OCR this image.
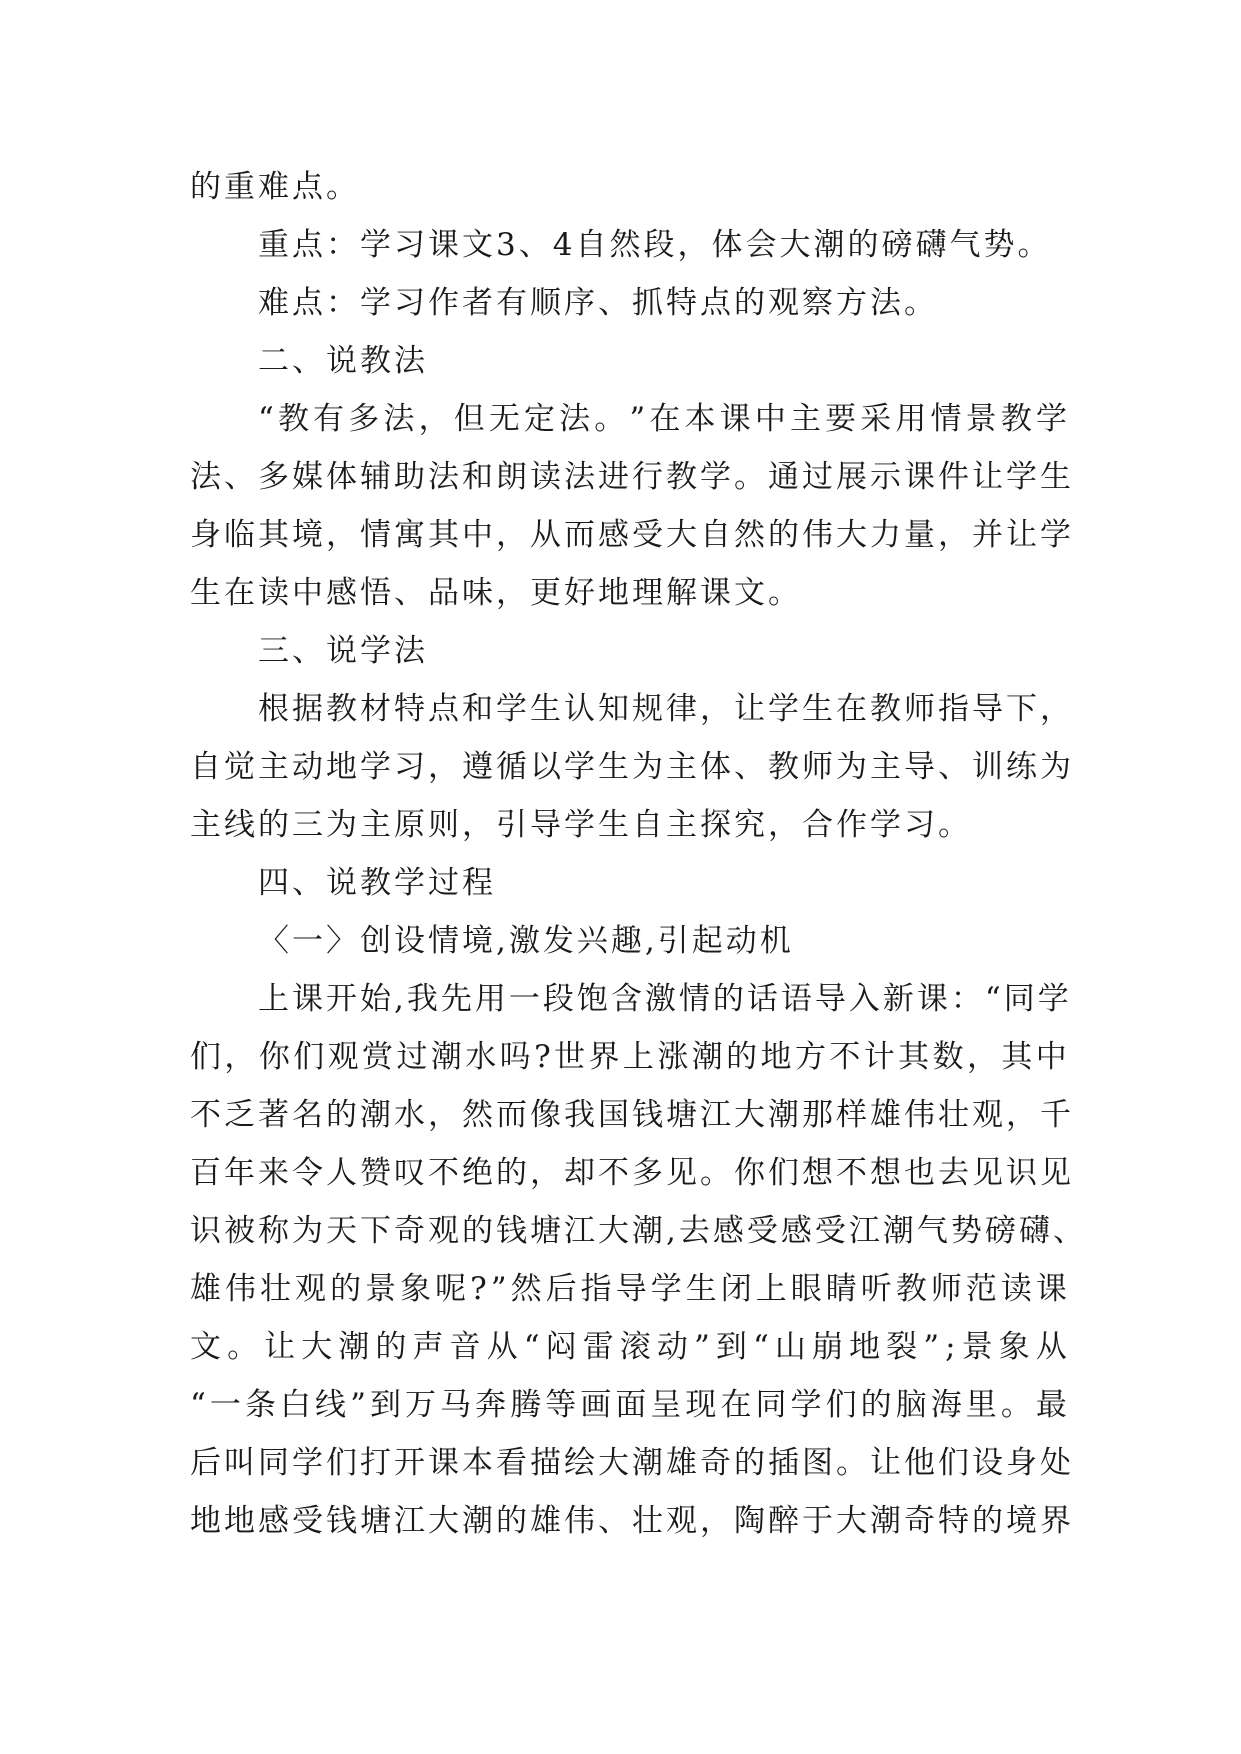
的重难点。
重点：学习课文3、4自然段，体会大潮的磅礴气势。
难点：学习作者有顺序、抓特点的观察方法。
二、说教法
“ 教 有 多 法 ， 但 无 定 法 。 ” 在 本 课 中 主 要 采 用 情 景 教 学
法 、 多 媒 体 辅 助 法 和 朗 读 法 进 行 教 学 。 通 过 展 示 课 件 让 学 生
身 临 其 境 ， 情 寓 其 中 ， 从 而 感 受 大 自 然 的 伟 大 力 量 ， 并 让 学
生在读中感悟、品味，更好地理解课文。
三、说学法
根 据 教 材 特 点 和 学 生 认 知 规 律 ， 让 学 生 在 教 师 指 导 下 ，
自 觉 主 动 地 学 习 ， 遵 循 以 学 生 为 主 体 、 教 师 为 主 导 、 训 练 为
主线的三为主原则，引导学生自主探究，合作学习。
四、说教学过程
〈一〉创设情境,激发兴趣,引起动机
上 课 开 始 , 我 先 用 一 段 饱 含 激 情 的 话 语 导 入 新 课 ： “ 同 学
们 ， 你 们 观 赏 过 潮 水 吗 ? 世 界 上 涨 潮 的 地 方 不 计 其 数 ， 其 中
不 乏 著 名 的 潮 水 ， 然 而 像 我 国 钱 塘 江 大 潮 那 样 雄 伟 壮 观 ， 千
百 年 来 令 人 赞 叹 不 绝 的 ， 却 不 多 见 。 你 们 想 不 想 也 去 见 识 见
识 被 称 为 天 下 奇 观 的 钱 塘 江 大 潮 , 去 感 受 感 受 江 潮 气 势 磅 礴 、
雄 伟 壮 观 的 景 象 呢 ? ” 然 后 指 导 学 生 闭 上 眼 睛 听 教 师 范 读 课
文 。 让 大 潮 的 声 音 从 “ 闷 雷 滚 动 ” 到 “ 山 崩 地 裂 ” ; 景 象 从
“ 一 条 白 线 ” 到 万 马 奔 腾 等 画 面 呈 现 在 同 学 们 的 脑 海 里 。 最
后 叫 同 学 们 打 开 课 本 看 描 绘 大 潮 雄 奇 的 插 图 。 让 他 们 设 身 处
地 地 感 受 钱 塘 江 大 潮 的 雄 伟 、 壮 观 ， 陶 醉 于 大 潮 奇 特 的 境 界
